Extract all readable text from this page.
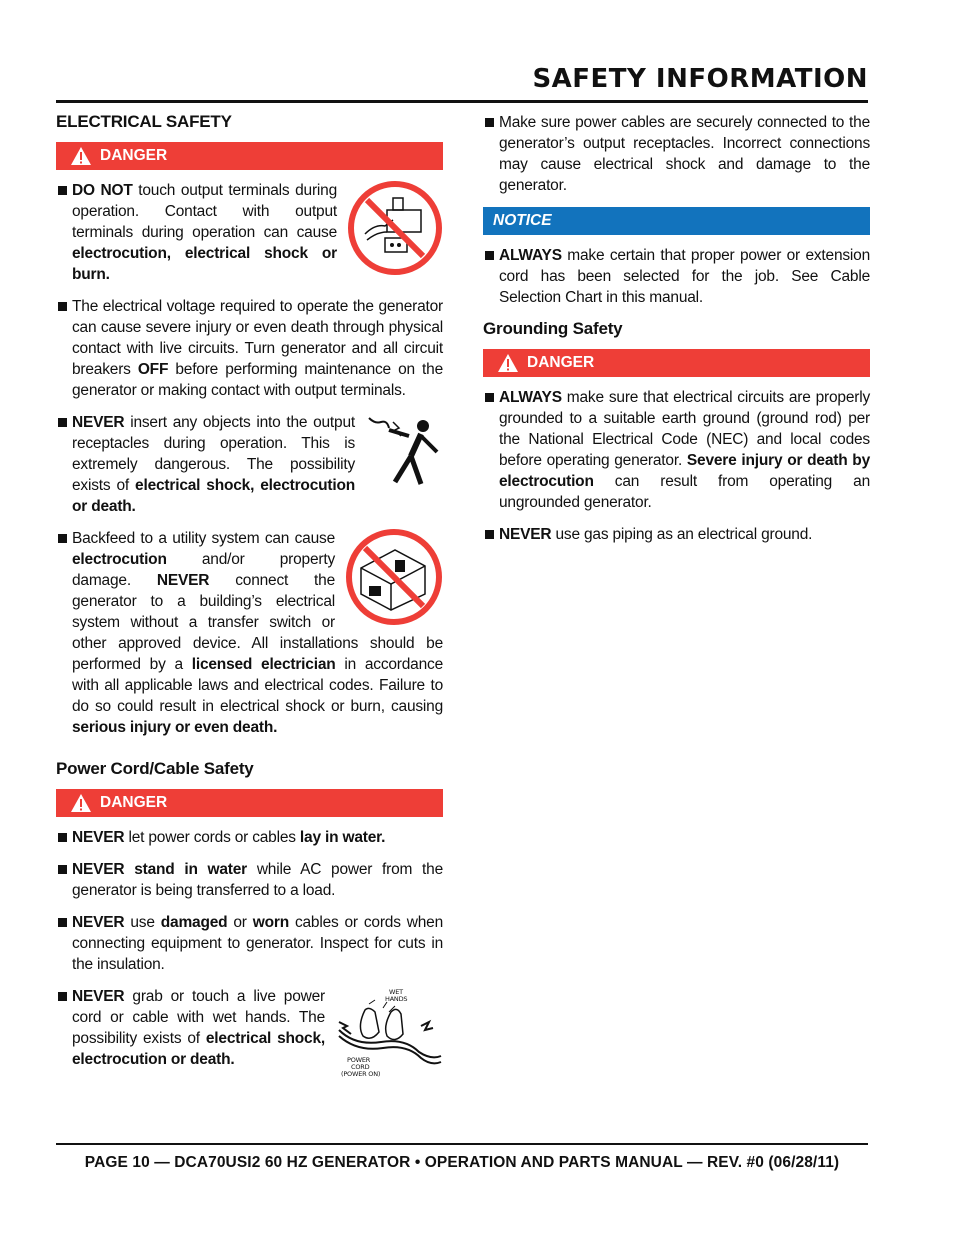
SAFETY INFORMATION
ELECTRICAL SAFETY
DANGER
DO NOT touch output terminals during operation. Contact with output terminals during operation can cause electrocution, electrical shock or burn.
The electrical voltage required to operate the generator can cause severe injury or even death through physical contact with live circuits. Turn generator and all circuit breakers OFF before performing maintenance on the generator or making contact with output terminals.
NEVER insert any objects into the output receptacles during operation. This is extremely dangerous. The possibility exists of electrical shock, electrocution or death.
Backfeed to a utility system can cause electrocution and/or property damage. NEVER connect the generator to a building’s electrical system without a transfer switch or other approved device. All installations should be performed by a licensed electrician in accordance with all applicable laws and electrical codes. Failure to do so could result in electrical shock or burn, causing serious injury or even death.
Power Cord/Cable Safety
DANGER
NEVER let power cords or cables lay in water.
NEVER stand in water while AC power from the generator is being transferred to a load.
NEVER use damaged or worn cables or cords when connecting equipment to generator. Inspect for cuts in the insulation.
WET
HANDS
POWER
CORD
(POWER ON)
NEVER grab or touch a live power cord or cable with wet hands. The possibility exists of electrical shock, electrocution or death.
Make sure power cables are securely connected to the generator’s output receptacles. Incorrect connections may cause electrical shock and damage to the generator.
NOTICE
ALWAYS make certain that proper power or extension cord has been selected for the job. See Cable Selection Chart in this manual.
Grounding Safety
DANGER
ALWAYS make sure that electrical circuits are properly grounded to a suitable earth ground (ground rod) per the National Electrical Code (NEC) and local codes before operating generator. Severe injury or death by electrocution can result from operating an ungrounded generator.
NEVER use gas piping as an electrical ground.
PAGE 10 — DCA70USI2 60 HZ GENERATOR • OPERATION AND PARTS MANUAL — REV. #0 (06/28/11)
